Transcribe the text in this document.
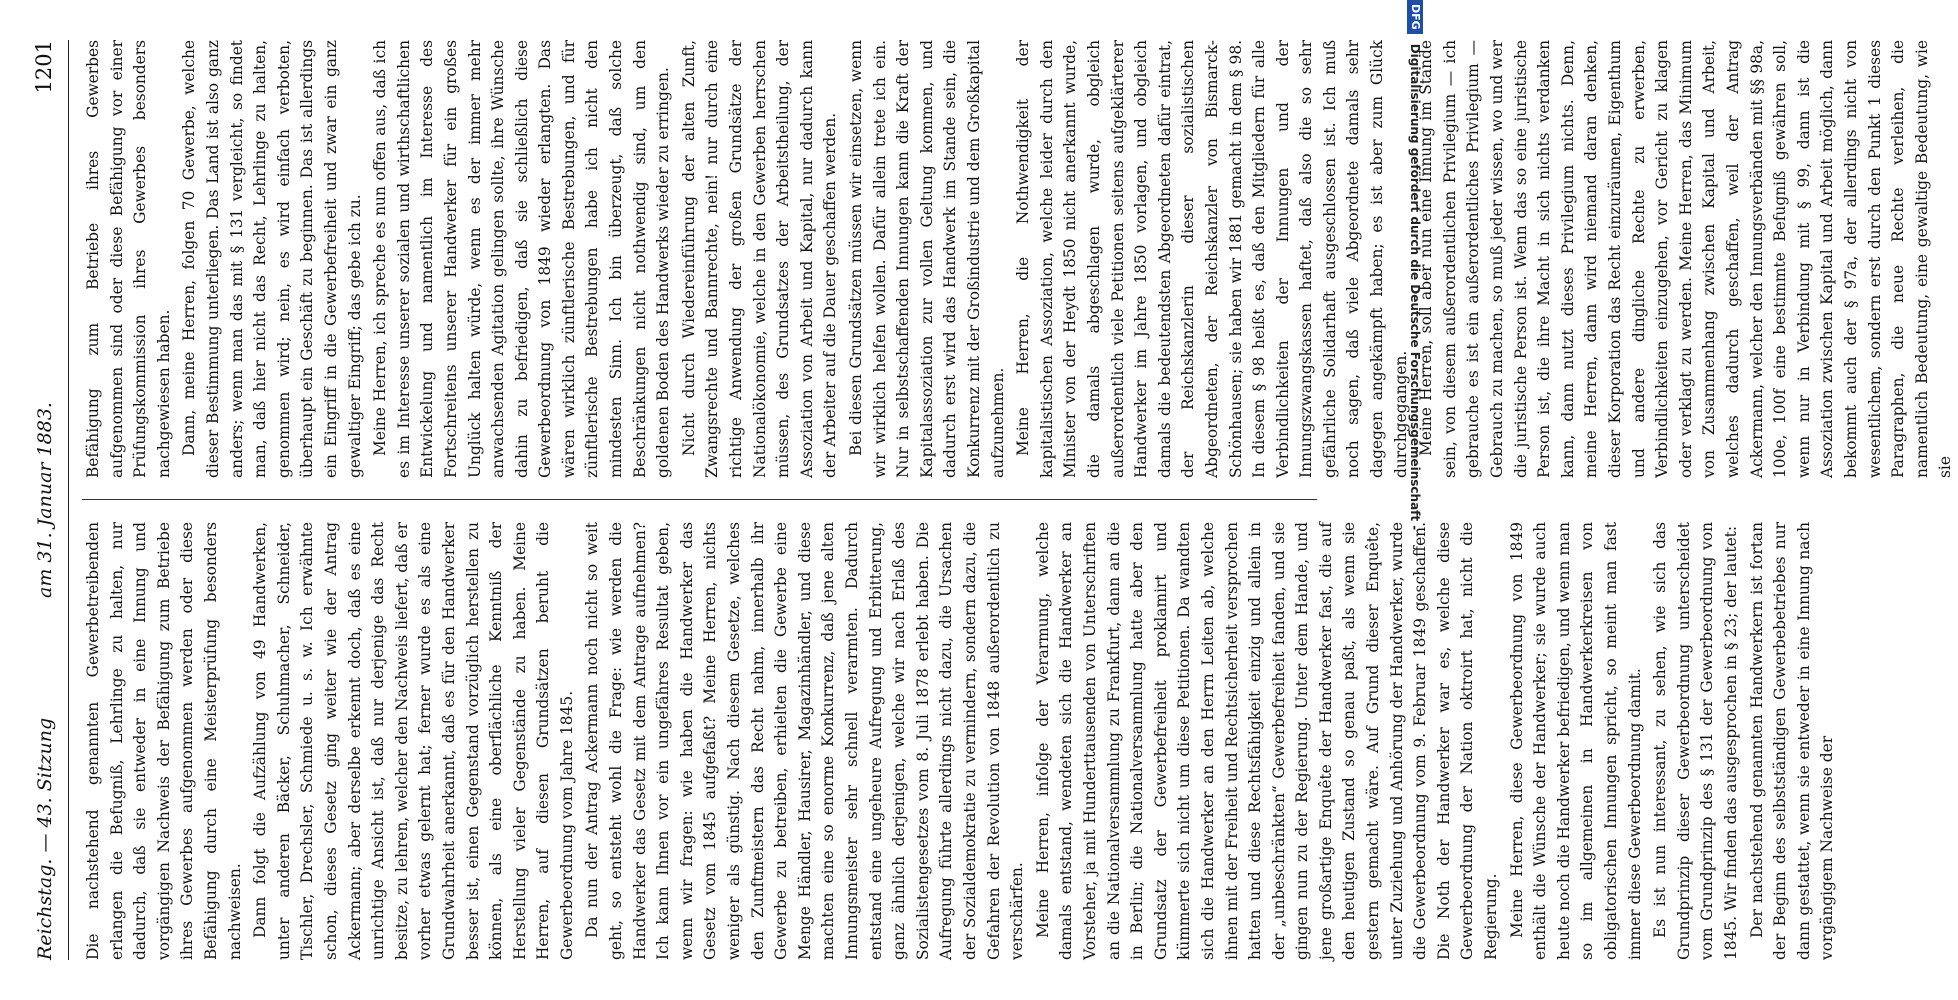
Reichstag. — 43. Sitzung
am 31. Januar 1883.
1201

Die nachstehend genannten Gewerbetreibenden erlangen die Befugniß, Lehrlinge zu halten, nur dadurch, daß sie entweder in eine Innung und vorgängigen Nachweis der Befähigung zum Betriebe ihres Gewerbes aufgenommen werden oder diese Befähigung durch eine Meisterprüfung besonders nachweisen. Dann folgt die Aufzählung von 49 Handwerken, unter anderen Bäcker, Schuhmacher, Schneider, Tischler, Drechsler, Schmiede u. s. w. Ich erwähnte schon, dieses Gesetz ging weiter wie der Antrag Ackermann; aber derselbe erkennt doch, daß es eine unrichtige Ansicht ist, daß nur derjenige das Recht besitze, zu lehren, welcher den Nachweis liefert, daß er vorher etwas gelernt hat; ferner wurde es als eine Grundwahrheit anerkannt, daß es für den Handwerker besser ist, einen Gegenstand vorzüglich herstellen zu können, als eine oberflächliche Kenntniß der Herstellung vieler Gegenstände zu haben. Meine Herren, auf diesen Grundsätzen beruht die Gewerbeordnung vom Jahre 1845. Da nun der Antrag Ackermann noch nicht so weit geht, so entsteht wohl die Frage: wie werden die Handwerker das Gesetz mit dem Antrage aufnehmen? Ich kann Ihnen vor ein ungefähres Resultat geben, wenn wir fragen: wie haben die Handwerker das Gesetz vom 1845 aufgefaßt? Meine Herren, nichts weniger als günstig. Nach diesem Gesetze, welches den Zunftmeistern das Recht nahm, innerhalb ihr Gewerbe zu betreiben, erhielten die Gewerbe eine Menge Händler, Hausirer, Magazinhändler, und diese machten eine so enorme Konkurrenz, daß jene alten Innungsmeister sehr schnell verarmten. Dadurch entstand eine ungeheure Aufregung und Erbitterung, ganz ähnlich derjenigen, welche wir nach Erlaß des Sozialistengesetzes vom 8. Juli 1878 erlebt haben. Die Aufregung führte allerdings nicht dazu, die Ursachen der Sozialdemokratie zu vermindern, sondern dazu, die Gefahren der Revolution von 1848 außerordentlich zu verschärfen. Meine Herren, infolge der Verarmung, welche damals entstand, wendeten sich die Handwerker an Vorsteher, ja mit Hunderttausenden von Unterschriften an die Nationalversammlung zu Frankfurt, dann an die in Berlin; die Nationalversammlung hatte aber den Grundsatz der Gewerbefreiheit proklamirt und kümmerte sich nicht um diese Petitionen. Da wandten sich die Handwerker an den Herrn Leiten ab, welche ihnen mit der Freiheit und Rechtsicherheit versprochen hatten und diese Rechtsfähigkeit einzig und allein in der „unbeschränkten“ Gewerbefreiheit fanden, und sie gingen nun zu der Regierung. Unter dem Hande, und jene großartige Enquête der Handwerker fast, die auf den heutigen Zustand so genau paßt, als wenn sie gestern gemacht wäre. Auf Grund dieser Enquête, unter Zuziehung und Anhörung der Handwerker, wurde die Gewerbeordnung vom 9. Februar 1849 geschaffen. Die Noth der Handwerker war es, welche diese Gewerbeordnung der Nation oktroirt hat, nicht die Regierung. Meine Herren, diese Gewerbeordnung von 1849 enthält die Wünsche der Handwerker; sie wurde auch heute noch die Handwerker befriedigen, und wenn man so im allgemeinen in Handwerkerkreisen von obligatorischen Innungen spricht, so meint man fast immer diese Gewerbeordnung damit. Es ist nun interessant, zu sehen, wie sich das Grundprinzip dieser Gewerbeordnung unterscheidet vom Grundprinzip des § 131 der Gewerbeordnung von 1845. Wir finden das ausgesprochen in § 23; der lautet: Der nachstehend genannten Handwerkern ist fortan der Beginn des selbstständigen Gewerbebetriebes nur dann gestattet, wenn sie entweder in eine Innung nach vorgängigem Nachweise der

Befähigung zum Betriebe ihres Gewerbes aufgenommen sind oder diese Befähigung vor einer Prüfungskommission ihres Gewerbes besonders nachgewiesen haben. Dann, meine Herren, folgen 70 Gewerbe, welche dieser Bestimmung unterliegen. Das Land ist also ganz anders; wenn man das mit § 131 vergleicht, so findet man, daß hier nicht das Recht, Lehrlinge zu halten, genommen wird; nein, es wird einfach verboten, überhaupt ein Geschäft zu beginnen. Das ist allerdings ein Eingriff in die Gewerbefreiheit und zwar ein ganz gewaltiger Eingriff; das gebe ich zu. Meine Herren, ich spreche es nun offen aus, daß ich es im Interesse unserer sozialen und wirthschaftlichen Entwickelung und namentlich im Interesse des Fortschreitens unserer Handwerker für ein großes Unglück halten würde, wenn es der immer mehr anwachsenden Agitation gelingen sollte, ihre Wünsche dahin zu befriedigen, daß sie schließlich diese Gewerbeordnung von 1849 wieder erlangten. Das wären wirklich zünftlerische Bestrebungen, und für zünftlerische Bestrebungen habe ich nicht den mindesten Sinn. Ich bin überzeugt, daß solche Beschränkungen nicht nothwendig sind, um den goldenen Boden des Handwerks wieder zu erringen. Nicht durch Wiedereinführung der alten Zunft, Zwangsrechte und Bannrechte, nein! nur durch eine richtige Anwendung der großen Grundsätze der Nationalökonomie, welche in den Gewerben herrschen müssen, des Grundsatzes der Arbeitstheilung, der Assoziation von Arbeit und Kapital, nur dadurch kann der Arbeiter auf die Dauer geschaffen werden. Bei diesen Grundsätzen müssen wir einsetzen, wenn wir wirklich helfen wollen. Dafür allein trete ich ein. Nur in selbstschaffenden Innungen kann die Kraft der Kapitalassoziation zur vollen Geltung kommen, und dadurch erst wird das Handwerk im Stande sein, die Konkurrenz mit der Großindustrie und dem Großkapital aufzunehmen. Meine Herren, die Nothwendigkeit der kapitalistischen Assoziation, welche leider durch den Minister von der Heydt 1850 nicht anerkannt wurde, die damals abgeschlagen wurde, obgleich außerordentlich viele Petitionen seitens aufgeklärterer Handwerker im Jahre 1850 vorlagen, und obgleich damals die bedeutendsten Abgeordneten dafür eintrat, der Reichskanzlerin dieser sozialistischen Abgeordneten, der Reichskanzler von Bismarck-Schönhausen; sie haben wir 1881 gemacht in dem § 98. In diesem § 98 heißt es, daß den Mitgliedern für alle Verbindlichkeiten der Innungen und der Innungszwangskassen haftet, daß also die so sehr gefährliche Solidarhaft ausgeschlossen ist. Ich muß noch sagen, daß viele Abgeordnete damals sehr dagegen angekämpft haben; es ist aber zum Glück durchgegangen. Meine Herren, soll aber nun eine Innung im Stande sein, von diesem außerordentlichen Privilegium — ich gebrauche es ist ein außerordentliches Privilegium — Gebrauch zu machen, so muß jeder wissen, wo und wer die juristische Person ist. Wenn das so eine juristische Person ist, die ihre Macht in sich nichts verdanken kann, dann nutzt dieses Privilegium nichts. Denn, meine Herren, dann wird niemand daran denken, dieser Korporation das Recht einzuräumen, Eigenthum und andere dingliche Rechte zu erwerben, Verbindlichkeiten einzugehen, vor Gericht zu klagen oder verklagt zu werden. Meine Herren, das Minimum von Zusammenhang zwischen Kapital und Arbeit, welches dadurch geschaffen, weil der Antrag Ackermann, welcher den Innungsverbänden mit §§ 98a, 100e, 100f eine bestimmte Befugniß gewähren soll, wenn nur in Verbindung mit § 99, dann ist die Assoziation zwischen Kapital und Arbeit möglich, dann bekommt auch der § 97a, der allerdings nicht von wesentlichem, sondern erst durch den Punkt 1 dieses Paragraphen, die neue Rechte verleihen, die namentlich Bedeutung, eine gewaltige Bedeutung, wie sie

DFG
Digitalisierung gefördert durch die Deutsche Forschungsgemeinschaft -
